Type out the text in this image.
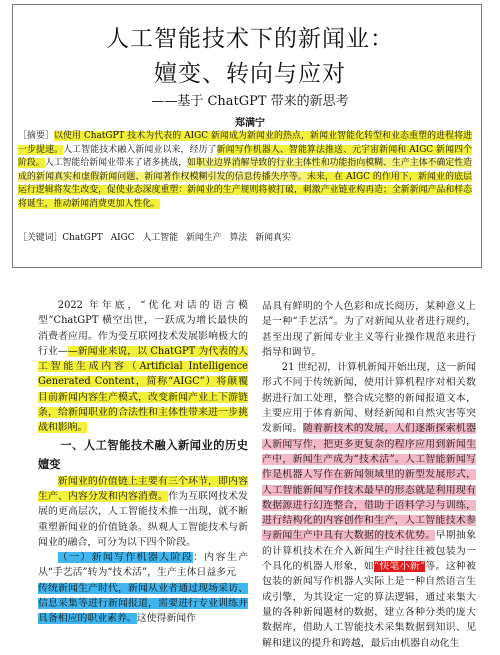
人工智能技术下的新闻业：
嬗变、转向与应对
——基于 ChatGPT 带来的新思考
郑满宁

［摘要］以使用 ChatGPT 技术为代表的 AIGC 新闻成为新闻业的热点，新闻业智能化转型和业态重塑的进程将进一步提速。人工智能技术融入新闻业以来，经历了新闻写作机器人、智能算法推送、元宇宙新闻和 AIGC 新闻四个阶段。人工智能给新闻业带来了诸多挑战，如职业边界消解导致的行业主体性和功能指向模糊、生产主体不确定性造成的新闻真实和虚假新闻问题、新闻著作权模糊引发的信息传播失序等。未来，在 AIGC 的作用下，新闻业的底层运行逻辑将发生改变，促使业态深度重塑：新闻业的生产规则将被打破，刺激产业链亚构再造；全新新闻产品和样态将诞生，推动新闻消费更加人性化。

［关键词］ChatGPT AIGC 人工智能 新闻生产 算法 新闻真实

2022 年年底，“优化对话的语言模型”ChatGPT 横空出世，一跃成为增长最快的消费者应用。作为受互联网技术发展影响极大的行业——新闻业来说，以 ChatGPT 为代表的人工智能生成内容（Artificial Intelligence Generated Content，简称“AIGC”）将颠覆目前新闻内容生产模式，改变新闻产业上下游链条，给新闻职业的合法性和主体性带来进一步挑战和影响。

一、人工智能技术融入新闻业的历史嬗变

新闻业的价值链上主要有三个环节，即内容生产、内容分发和内容消费。作为互联网技术发展的更高层次，人工智能技术推一出现，就不断重塑新闻业的价值链条。纵观人工智能技术与新闻业的融合，可分为以下四个阶段。

（一）新闻写作机器人阶段：内容生产从“手艺活”转为“技术活”，生产主体日益多元
传统新闻生产时代，新闻从业者通过现场采访、信息采集等进行新闻报道，需要进行专业训练并具备相应的职业素养。这使得新闻作

品具有鲜明的个人色彩和成长阅历，某种意义上是一种“手艺活”。为了对新闻从业者进行规约，甚至出现了新闻专业主义等行业操作规范来进行指导和调节。

21 世纪初，计算机新闻开始出现，这一新闻形式不同于传统新闻，使用计算机程序对相关数据进行加工处理，整合成完整的新闻报道文本，主要应用于体育新闻、财经新闻和自然灾害等突发新闻。随着新技术的发展，人们逐渐探索机器人新闻写作，把更多更复杂的程序应用到新闻生产中，新闻生产成为“技术活”。人工智能新闻写作是机器人写作在新闻领域里的新型发展形式，人工智能新闻写作技术最早的形态就是利用现有数据源进行幻连整合，借助于语料学习与训练，进行结构化的内容创作和生产，人工智能技术参与新闻生产中具有大数据的技术优势。早期抽象的计算机技术在介入新闻生产时往往被包装为一个具化的机器人形象，如“快笔小新”等。这种被包装的新闻写作机器人实际上是一种自然语言生成引擎，为其设定一定的算法逻辑，通过来集大量的各种新闻题材的数据，建立各种分类的庞大数据库，借助人工智能技术采集数据到知识、见解和建议的提升和跨越，最后由机器自动化生
